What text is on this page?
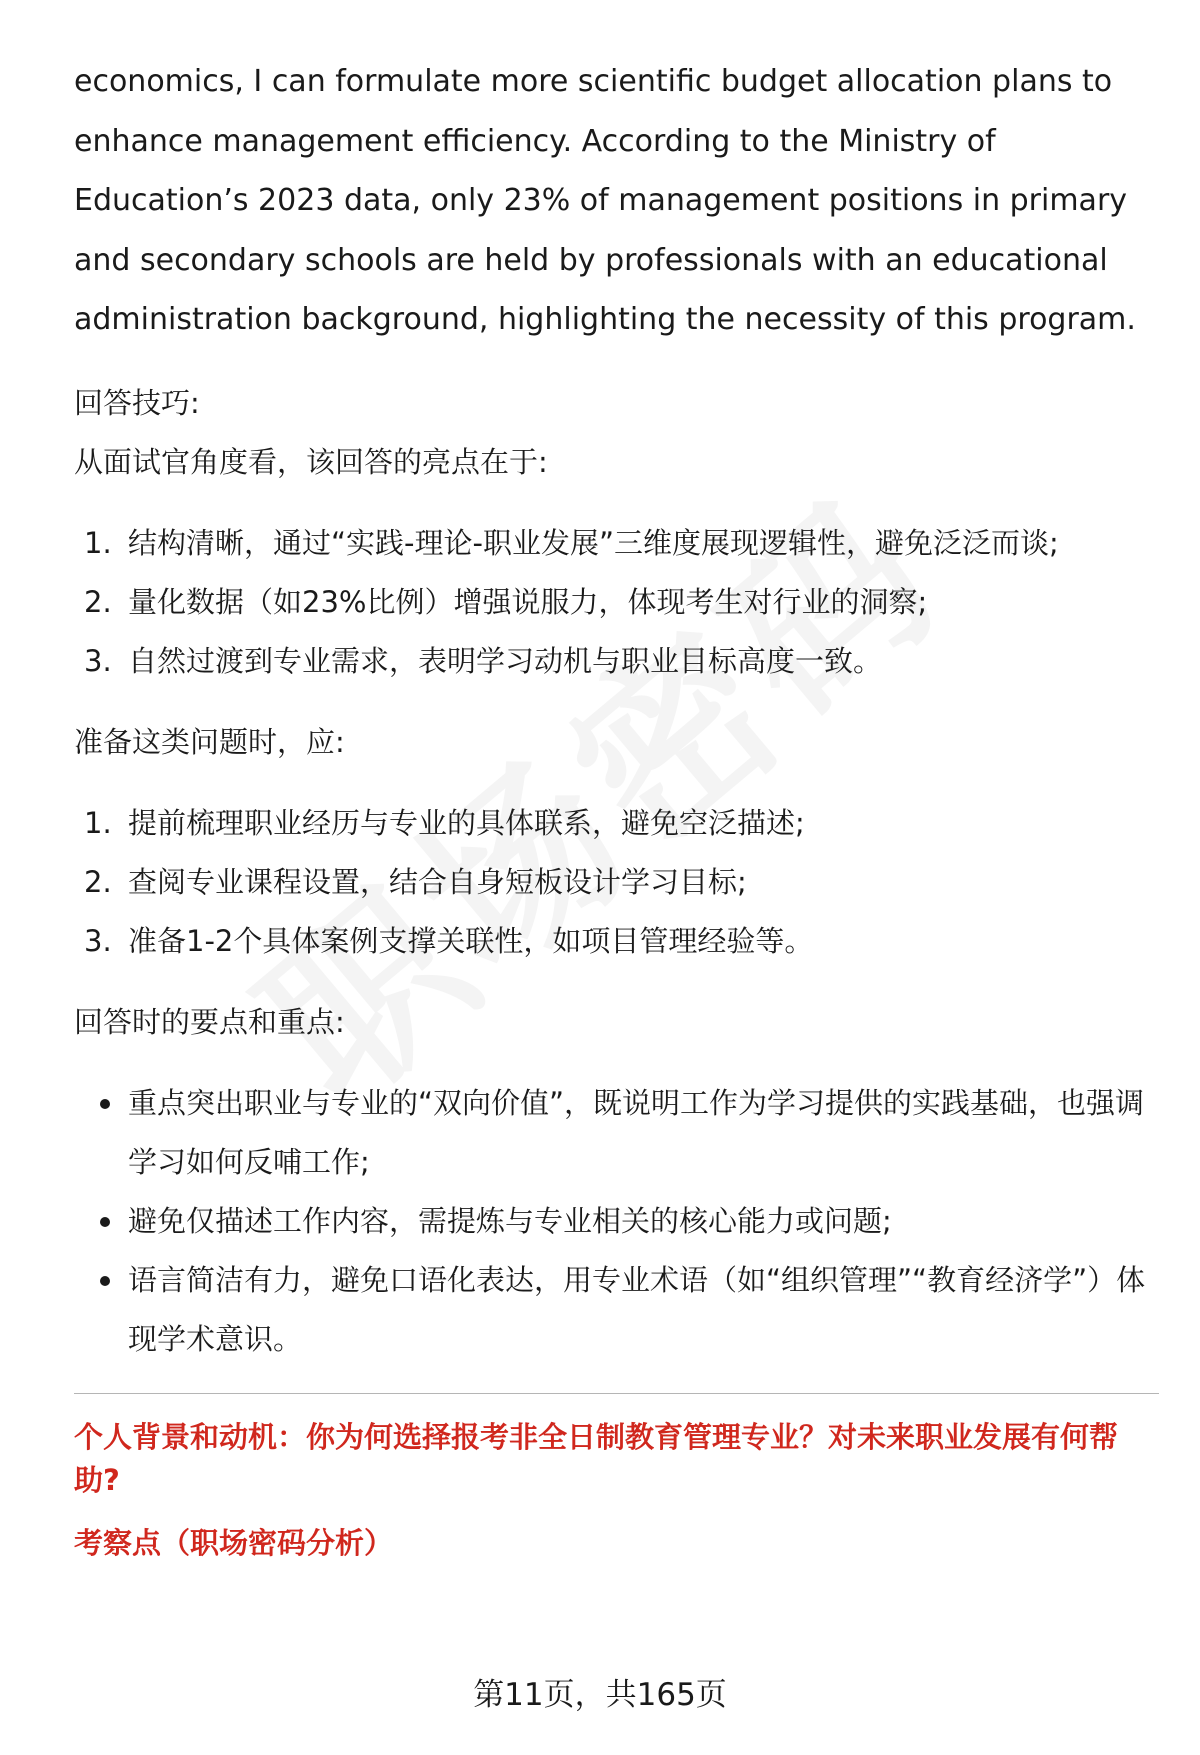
economics, I can formulate more scientific budget allocation plans to enhance management efficiency. According to the Ministry of Education’s 2023 data, only 23% of management positions in primary and secondary schools are held by professionals with an educational administration background, highlighting the necessity of this program.

回答技巧:

从面试官角度看，该回答的亮点在于:

1. 结构清晰，通过“实践-理论-职业发展”三维度展现逻辑性，避免泛泛而谈;
2. 量化数据（如23%比例）增强说服力，体现考生对行业的洞察;
3. 自然过渡到专业需求，表明学习动机与职业目标高度一致。

准备这类问题时，应:

1. 提前梳理职业经历与专业的具体联系，避免空泛描述;
2. 查阅专业课程设置，结合自身短板设计学习目标;
3. 准备1-2个具体案例支撑关联性，如项目管理经验等。

回答时的要点和重点:

重点突出职业与专业的“双向价值”，既说明工作为学习提供的实践基础，也强调学习如何反哺工作;
避免仅描述工作内容，需提炼与专业相关的核心能力或问题;
语言简洁有力，避免口语化表达，用专业术语（如“组织管理”“教育经济学”）体现学术意识。

个人背景和动机：你为何选择报考非全日制教育管理专业？对未来职业发展有何帮助?

考察点（职场密码分析）

第11页，共165页
